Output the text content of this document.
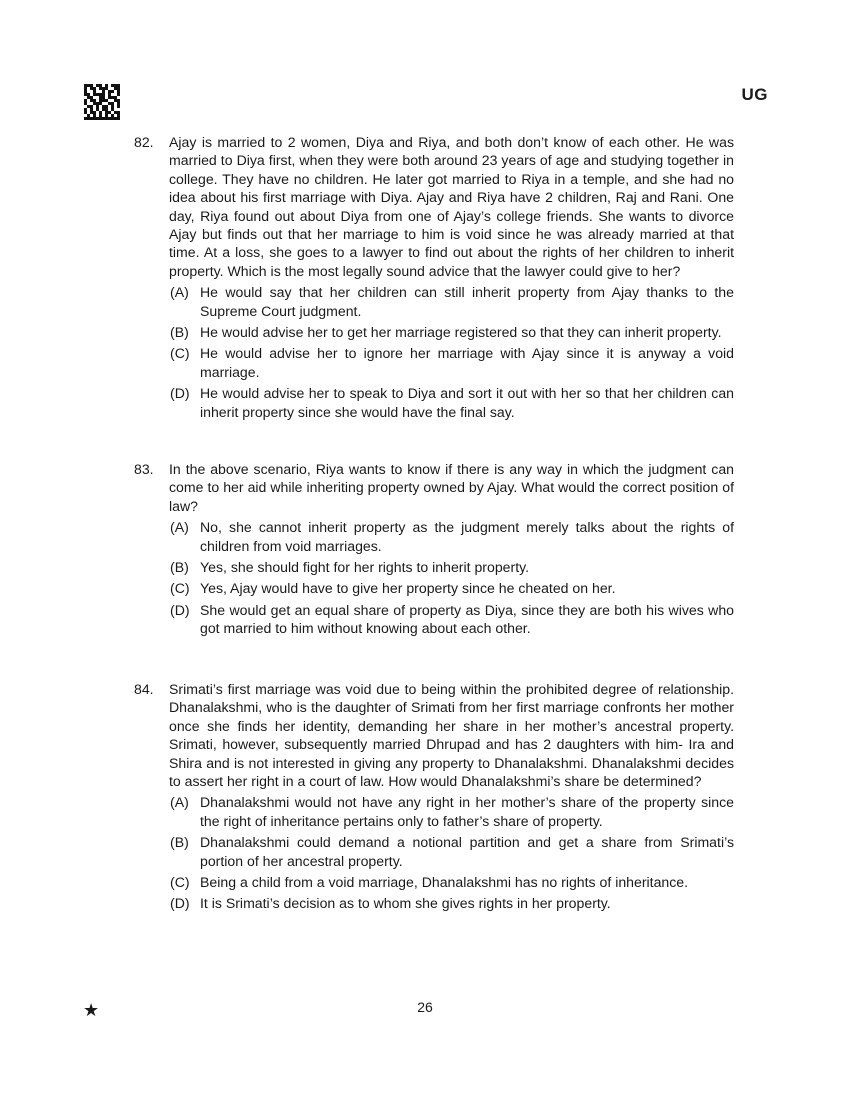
UG
82.	Ajay is married to 2 women, Diya and Riya, and both don’t know of each other. He was married to Diya first, when they were both around 23 years of age and studying together in college. They have no children. He later got married to Riya in a temple, and she had no idea about his first marriage with Diya. Ajay and Riya have 2 children, Raj and Rani. One day, Riya found out about Diya from one of Ajay’s college friends. She wants to divorce Ajay but finds out that her marriage to him is void since he was already married at that time. At a loss, she goes to a lawyer to find out about the rights of her children to inherit property. Which is the most legally sound advice that the lawyer could give to her?
(A) He would say that her children can still inherit property from Ajay thanks to the Supreme Court judgment.
(B) He would advise her to get her marriage registered so that they can inherit property.
(C) He would advise her to ignore her marriage with Ajay since it is anyway a void marriage.
(D) He would advise her to speak to Diya and sort it out with her so that her children can inherit property since she would have the final say.
83.	In the above scenario, Riya wants to know if there is any way in which the judgment can come to her aid while inheriting property owned by Ajay. What would the correct position of law?
(A) No, she cannot inherit property as the judgment merely talks about the rights of children from void marriages.
(B) Yes, she should fight for her rights to inherit property.
(C) Yes, Ajay would have to give her property since he cheated on her.
(D) She would get an equal share of property as Diya, since they are both his wives who got married to him without knowing about each other.
84.	Srimati’s first marriage was void due to being within the prohibited degree of relationship. Dhanalakshmi, who is the daughter of Srimati from her first marriage confronts her mother once she finds her identity, demanding her share in her mother’s ancestral property. Srimati, however, subsequently married Dhrupad and has 2 daughters with him- Ira and Shira and is not interested in giving any property to Dhanalakshmi. Dhanalakshmi decides to assert her right in a court of law. How would Dhanalakshmi’s share be determined?
(A) Dhanalakshmi would not have any right in her mother’s share of the property since the right of inheritance pertains only to father’s share of property.
(B) Dhanalakshmi could demand a notional partition and get a share from Srimati’s portion of her ancestral property.
(C) Being a child from a void marriage, Dhanalakshmi has no rights of inheritance.
(D) It is Srimati’s decision as to whom she gives rights in her property.
★	26
